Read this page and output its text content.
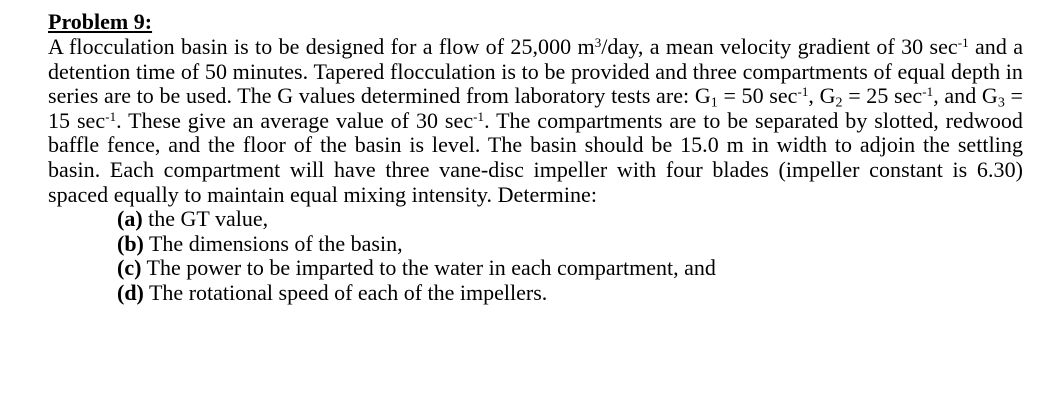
Problem 9:

A flocculation basin is to be designed for a flow of 25,000 $m^3$/day, a mean velocity gradient of 30 $\sec^{-1}$ and a detention time of 50 minutes. Tapered flocculation is to be provided and three compartments of equal depth in series are to be used. The G values determined from laboratory tests are: $G_1 = 50$ $\sec^{-1}$, $G_2 = 25$ $\sec^{-1}$, and $G_3 = 15$ $\sec^{-1}$. These give an average value of 30 $\sec^{-1}$. The compartments are to be separated by slotted, redwood baffle fence, and the floor of the basin is level. The basin should be 15.0 m in width to adjoin the settling basin. Each compartment will have three vane-disc impeller with four blades (impeller constant is 6.30) spaced equally to maintain equal mixing intensity. Determine:

(a) the GT value,
(b) The dimensions of the basin,
(c) The power to be imparted to the water in each compartment, and
(d) The rotational speed of each of the impellers.
